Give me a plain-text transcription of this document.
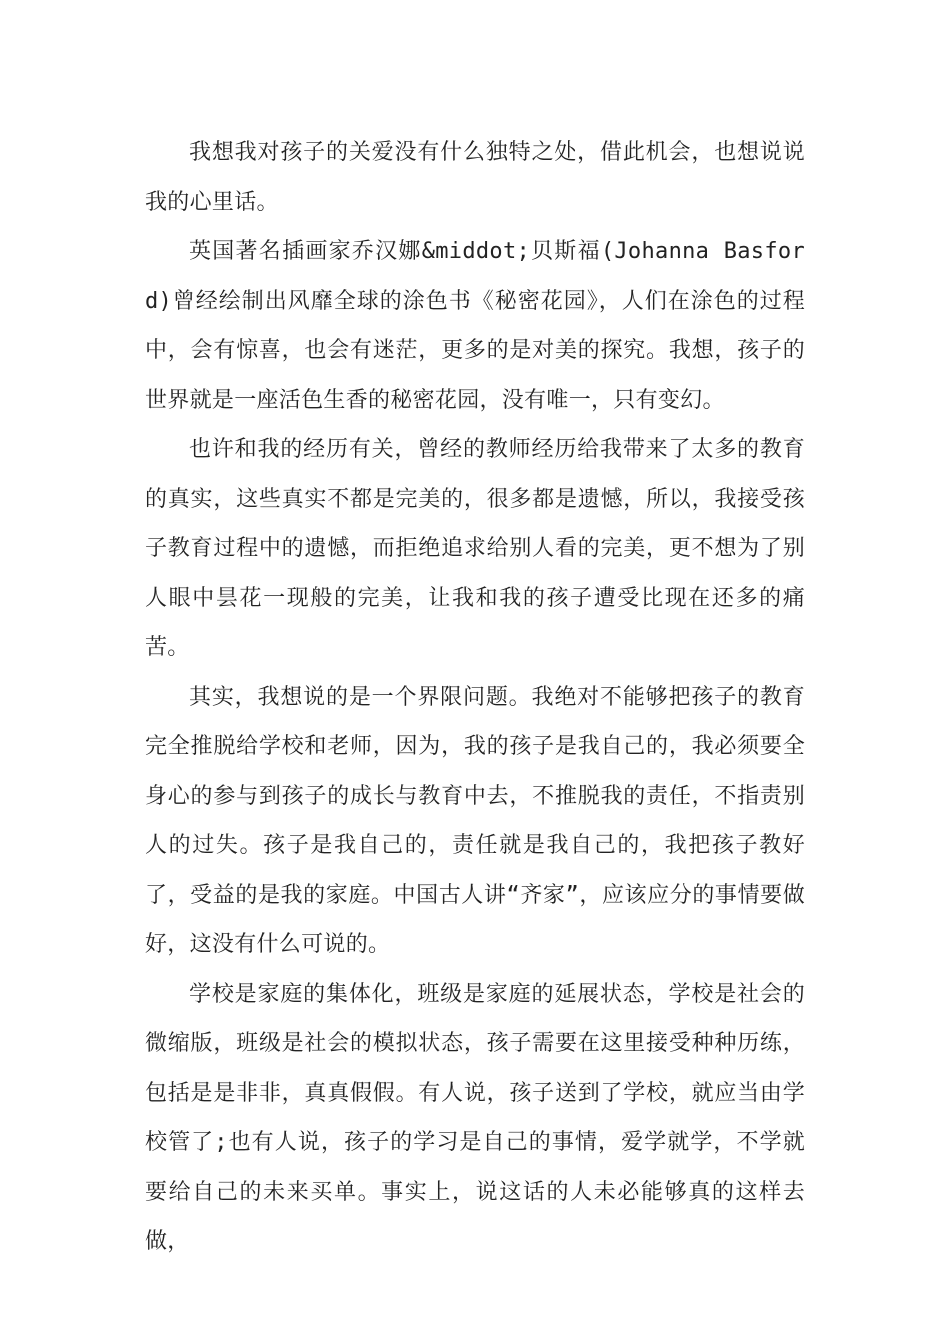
我想我对孩子的关爱没有什么独特之处，借此机会，也想说说我的心里话。

英国著名插画家乔汉娜&middot;贝斯福(Johanna Basford)曾经绘制出风靡全球的涂色书《秘密花园》，人们在涂色的过程中，会有惊喜，也会有迷茫，更多的是对美的探究。我想，孩子的世界就是一座活色生香的秘密花园，没有唯一，只有变幻。

也许和我的经历有关，曾经的教师经历给我带来了太多的教育的真实，这些真实不都是完美的，很多都是遗憾，所以，我接受孩子教育过程中的遗憾，而拒绝追求给别人看的完美，更不想为了别人眼中昙花一现般的完美，让我和我的孩子遭受比现在还多的痛苦。

其实，我想说的是一个界限问题。我绝对不能够把孩子的教育完全推脱给学校和老师，因为，我的孩子是我自己的，我必须要全身心的参与到孩子的成长与教育中去，不推脱我的责任，不指责别人的过失。孩子是我自己的，责任就是我自己的，我把孩子教好了，受益的是我的家庭。中国古人讲“齐家”，应该应分的事情要做好，这没有什么可说的。

学校是家庭的集体化，班级是家庭的延展状态，学校是社会的微缩版，班级是社会的模拟状态，孩子需要在这里接受种种历练，包括是是非非，真真假假。有人说，孩子送到了学校，就应当由学校管了;也有人说，孩子的学习是自己的事情，爱学就学，不学就要给自己的未来买单。事实上，说这话的人未必能够真的这样去做，
